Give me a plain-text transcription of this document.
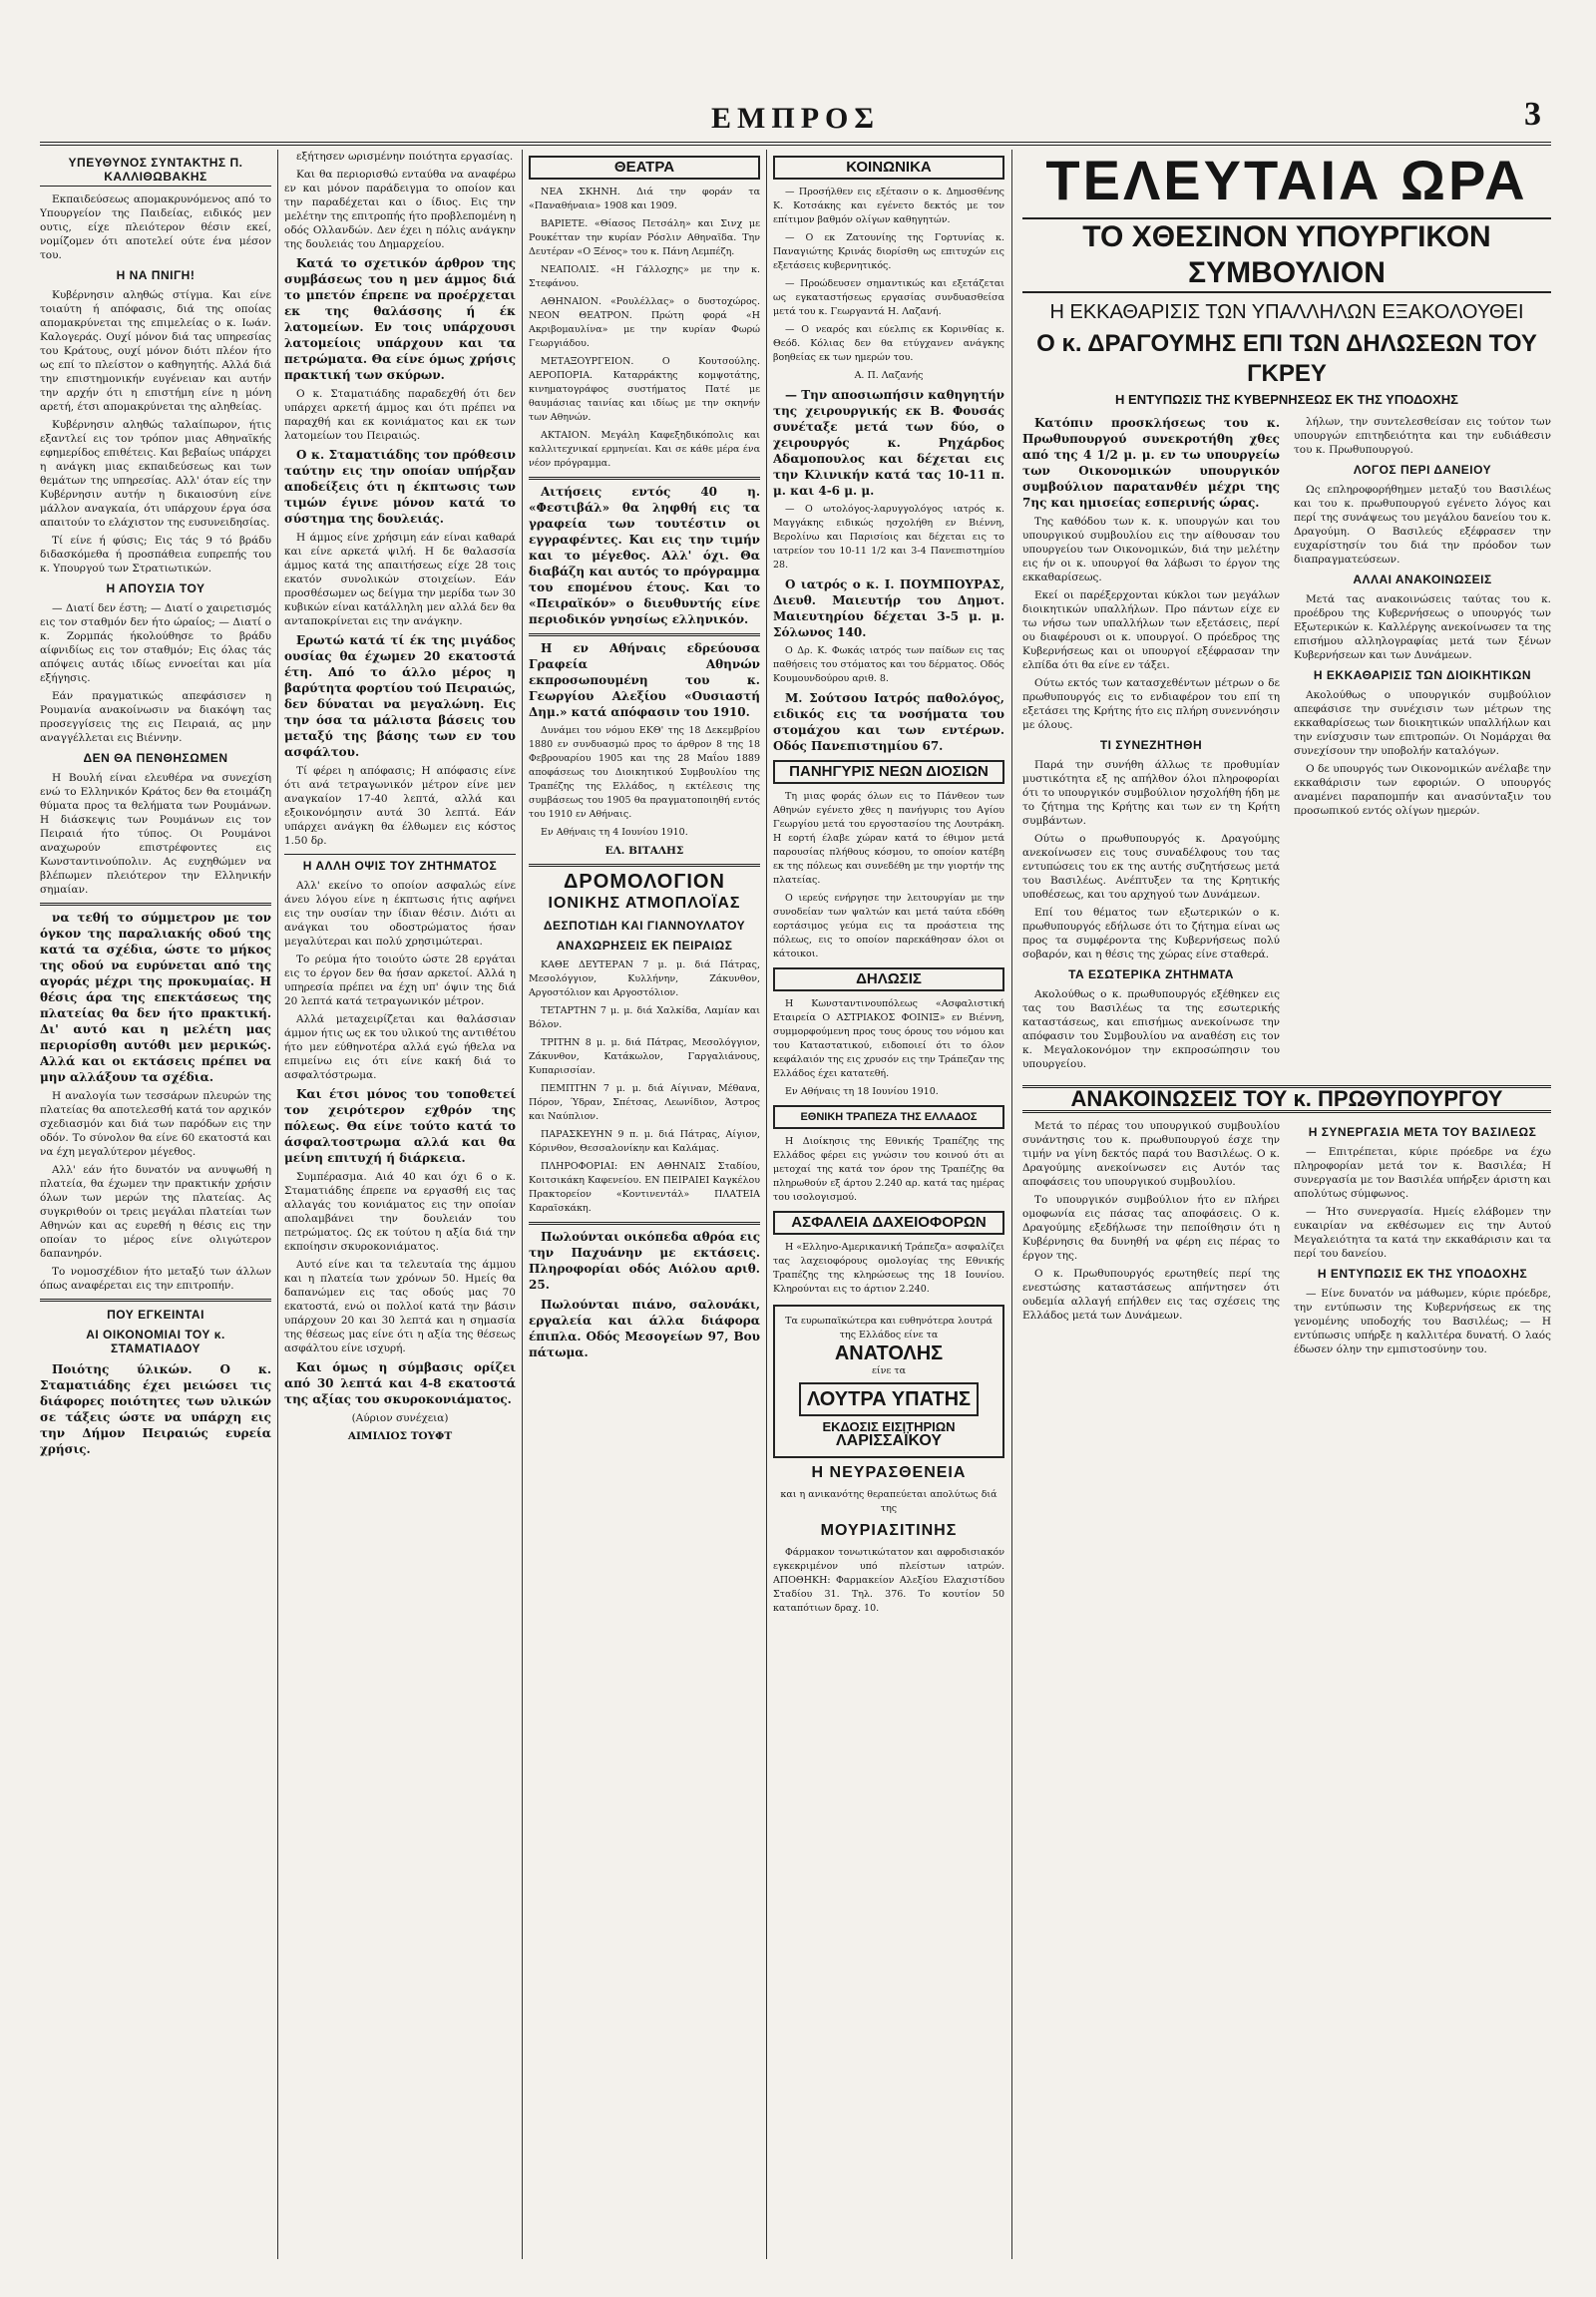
ΕΜΠΡΟΣ	3
ΥΠΕΥΘΥΝΟΣ ΣΥΝΤΑΚΤΗΣ Π. ΚΑΛΛΙΘΩΒΑΚΗΣ

Εκπαιδεύσεως απομακρυνόμενος από το Υπουργείον της Παιδείας, ειδικός μεν ουτις, είχε πλειότερον θέσιν εκεί, νομίζομεν ότι αποτελεί ούτε ένα μέσον του.

Η ΝΑ ΠΝΙΓΗ!

Κυβέρνησιν αληθώς στίγμα. Και είνε τοιαύτη ή απόφασις, διά της οποίας απομακρύνεται της επιμελείας ο κ. Ιωάν. Καλογεράς. Ουχί μόνον διά τας υπηρεσίας του Κράτους, ουχί μόνον διότι πλέον ήτο ως επί το πλείστον ο καθηγητής. Αλλά διά την επιστημονικήν ευγένειαν και αυτήν την αρχήν ότι η επιστήμη είνε η μόνη αρετή, έτσι απομακρύνεται της αληθείας.

Κυβέρνησιν αληθώς ταλαίπωρον, ήτις εξαντλεί εις τον τρόπον μιας Αθηναϊκής εφημερίδος επιθέτεις. Και βεβαίως υπάρχει η ανάγκη μιας εκπαιδεύσεως και των θεμάτων της υπηρεσίας. Αλλ' όταν είς την Κυβέρνησιν αυτήν η δικαιοσύνη είνε μάλλον αναγκαία, ότι υπάρχουν έργα όσα απαιτούν το ελάχιστον της ευσυνειδησίας.

Τί είνε ή φύσις; Εις τάς 9 τό βράδυ διδασκόμεθα ή προσπάθεια ευπρεπής του κ. Υπουργού των Στρατιωτικών.

Η ΑΠΟΥΣΙΑ ΤΟΥ

— Διατί δεν έστη; — Διατί ο χαιρετισμός εις τον σταθμόν δεν ήτο ώραίος; — Διατί ο κ. Ζορμπάς ήκολούθησε το βράδυ αίφνιδίως εις τον σταθμόν; Εις όλας τάς απόψεις αυτάς ιδίως εννοείται και μία εξήγησις.

Εάν πραγματικώς απεφάσισεν η Ρουμανία ανακοίνωσιν να διακόψη τας προσεγγίσεις της εις Πειραιά, ας μην αναγγέλλεται εις Βιέννην.

ΔΕΝ ΘΑ ΠΕΝΘΗΣΩΜΕΝ

Η Βουλή είναι ελευθέρα να συνεχίση ενώ το Ελληνικόν Κράτος δεν θα ετοιμάζη θύματα προς τα θελήματα των Ρουμάνων. Η διάσκεψις των Ρουμάνων εις τον Πειραιά ήτο τύπος. Οι Ρουμάνοι αναχωρούν επιστρέφοντες εις Κωνσταντινούπολιν. Ας ευχηθώμεν να βλέπωμεν πλειότερον την Ελληνικήν σημαίαν.

να τεθή το σύμμετρον με τον όγκον της παραλιακής οδού της κατά τα σχέδια, ώστε το μήκος της οδού να ευρύνεται από της αγοράς μέχρι της προκυμαίας. Η θέσις άρα της επεκτάσεως της πλατείας θα δεν ήτο πρακτική. Δι' αυτό και η μελέτη μας περιορίσθη αυτόθι μεν μερικώς. Αλλά και οι εκτάσεις πρέπει να μην αλλάξουν τα σχέδια.

Η αναλογία των τεσσάρων πλευρών της πλατείας θα αποτελεσθή κατά τον αρχικόν σχεδιασμόν και διά των παρόδων εις την οδόν. Το σύνολον θα είνε 60 εκατοστά και να έχη μεγαλύτερον μέγεθος.

Αλλ' εάν ήτο δυνατόν να ανυψωθή η πλατεία, θα έχωμεν την πρακτικήν χρήσιν όλων των μερών της πλατείας. Ας συγκριθούν οι τρεις μεγάλαι πλατείαι των Αθηνών και ας ευρεθή η θέσις εις την οποίαν το μέρος είνε ολιγώτερον δαπανηρόν.

Το νομοσχέδιον ήτο μεταξύ των άλλων όπως αναφέρεται εις την επιτροπήν.

ΠΟΥ ΕΓΚΕΙΝΤΑΙ
ΑΙ ΟΙΚΟΝΟΜΙΑΙ ΤΟΥ κ. ΣΤΑΜΑΤΙΑΔΟΥ

Ποιότης ύλικών. Ο κ. Σταματιάδης έχει μειώσει τις διάφορες ποιότητες των υλικών σε τάξεις ώστε να υπάρχη εις την Δήμον Πειραιώς ευρεία χρήσις.

εξήτησεν ωρισμένην ποιότητα εργασίας.

Και θα περιορισθώ ενταύθα να αναφέρω εν και μόνον παράδειγμα το οποίον και την παραδέχεται και ο ίδιος. Εις την μελέτην της επιτροπής ήτο προβλεπομένη η οδός Ολλανδών. Δεν έχει η πόλις ανάγκην της δουλειάς του Δημαρχείου.

Κατά το σχετικόν άρθρον της συμβάσεως του η μεν άμμος διά το μπετόν έπρεπε να προέρχεται εκ της θαλάσσης ή έκ λατομείων. Εν τοις υπάρχουσι λατομείοις υπάρχουν και τα πετρώματα. Θα είνε όμως χρήσις πρακτική των σκύρων.

Ο κ. Σταματιάδης παραδεχθή ότι δεν υπάρχει αρκετή άμμος και ότι πρέπει να παραχθή και εκ κονιάματος και εκ των λατομείων του Πειραιώς.

Ο κ. Σταματιάδης τον πρόθεσιν ταύτην εις την οποίαν υπήρξαν αποδείξεις ότι η έκπτωσις των τιμών έγινε μόνον κατά το σύστημα της δουλειάς.

Η άμμος είνε χρήσιμη εάν είναι καθαρά και είνε αρκετά ψιλή. Η δε θαλασσία άμμος κατά της απαιτήσεως είχε 28 τοις εκατόν συνολικών στοιχείων. Εάν προσθέσωμεν ως δείγμα την μερίδα των 30 κυβικών είναι κατάλληλη μεν αλλά δεν θα ανταποκρίνεται εις την ανάγκην.

Ερωτώ κατά τί έκ της μιγάδος ουσίας θα έχωμεν 20 εκατοστά έτη. Από το άλλο μέρος η βαρύτητα φορτίου τού Πειραιώς, δεν δύναται να μεγαλώνη. Εις την όσα τα μάλιστα βάσεις του μεταξύ της βάσης των εν του ασφάλτου.

Τί φέρει η απόφασις; Η απόφασις είνε ότι ανά τετραγωνικόν μέτρον είνε μεν αναγκαίον 17-40 λεπτά, αλλά και εξοικονόμησιν αυτά 30 λεπτά. Εάν υπάρχει ανάγκη θα έλθωμεν εις κόστος 1.50 δρ.

Η ΑΛΛΗ ΟΨΙΣ ΤΟΥ ΖΗΤΗΜΑΤΟΣ

Αλλ' εκείνο το οποίον ασφαλώς είνε άνευ λόγου είνε η έκπτωσις ήτις αφήνει εις την ουσίαν την ίδιαν θέσιν. Διότι αι ανάγκαι του οδοστρώματος ήσαν μεγαλύτεραι και πολύ χρησιμώτεραι.

Το ρεύμα ήτο τοιούτο ώστε 28 εργάται εις το έργον δεν θα ήσαν αρκετοί. Αλλά η υπηρεσία πρέπει να έχη υπ' όψιν της διά 20 λεπτά κατά τετραγωνικόν μέτρον.

Αλλά μεταχειρίζεται και θαλάσσιαν άμμον ήτις ως εκ του υλικού της αντιθέτου ήτο μεν εύθηνοτέρα αλλά εγώ ήθελα να επιμείνω εις ότι είνε κακή διά το ασφαλτόστρωμα.

Και έτσι μόνος του τοποθετεί τον χειρότερον εχθρόν της πόλεως. Θα είνε τούτο κατά το άσφαλτοστρωμα αλλά και θα μείνη επιτυχή ή διάρκεια.

Συμπέρασμα. Αιά 40 και όχι 6 ο κ. Σταματιάδης έπρεπε να εργασθή εις τας αλλαγάς του κονιάματος εις την οποίαν απολαμβάνει την δουλειάν του πετρώματος. Ως εκ τούτου η αξία διά την εκποίησιν σκυροκονιάματος.

Αυτό είνε και τα τελευταία της άμμου και η πλατεία των χρόνων 50. Ημείς θα δαπανώμεν εις τας οδούς μας 70 εκατοστά, ενώ οι πολλοί κατά την βάσιν υπάρχουν 20 και 30 λεπτά και η σημασία της θέσεως μας είνε ότι η αξία της θέσεως ασφάλτου είνε ισχυρή.

Και όμως η σύμβασις ορίζει από 30 λεπτά και 4-8 εκατοστά της αξίας του σκυροκονιάματος.

(Αύριον συνέχεια)

ΑΙΜΙΛΙΟΣ ΤΟΥΦΤ

ΘΕΑΤΡΑ

ΝΕΑ ΣΚΗΝΗ. Διά την φοράν τα «Παναθήναια» 1908 και 1909.

ΒΑΡΙΕΤΕ. «Θίασος Πετσάλη» και Σινχ με Ρουκέτταν την κυρίαν Ρόσλιν Αθηναϊδα. Την Δευτέραν «Ο Ξένος» του κ. Πάνη Λεμπέζη.

ΝΕΑΠΟΛΙΣ. «Η Γάλλοχης» με την κ. Στεφάνου.

ΑΘΗΝΑΙΟΝ. «Ρουλέλλας» ο δυστοχώρος. ΝΕΟΝ ΘΕΑΤΡΟΝ. Πρώτη φορά «Η Ακριβομαυλίνα» με την κυρίαν Φωρώ Γεωργιάδου.

ΜΕΤΑΞΟΥΡΓΕΙΟΝ. Ο Κουτσούλης. ΑΕΡΟΠΟΡΙΑ. Καταρράκτης κομψοτάτης, κινηματογράφος συστήματος Πατέ με θαυμάσιας ταινίας και ιδίως με την σκηνήν των Αθηνών.

ΑΚΤΑΙΟΝ. Μεγάλη Καφεξηδικόπολις και καλλιτεχνικαί ερμηνείαι. Και σε κάθε μέρα ένα νέον πρόγραμμα.

Αιτήσεις εντός 40 η. «Φεστιβάλ» θα ληφθή εις τα γραφεία των τουτέστιν οι εγγραφέντες. Και εις την τιμήν και το μέγεθος. Αλλ' όχι. Θα διαβάζη και αυτός το πρόγραμμα του επομένου έτους. Και το «Πειραϊκόν» ο διευθυντής είνε περιοδικόν γνησίως ελληνικόν.

Η εν Αθήναις εδρεύουσα Γραφεία Αθηνών εκπροσωπουμένη του κ. Γεωργίου Αλεξίου «Ουσιαστή Δημ.» κατά απόφασιν του 1910.

Δυνάμει του νόμου ΕΚΘ' της 18 Δεκεμβρίου 1880 εν συνδυασμώ προς το άρθρον 8 της 18 Φεβρουαρίου 1905 και της 28 Μαΐου 1889 αποφάσεως του Διοικητικού Συμβουλίου της Τραπέζης της Ελλάδος, η εκτέλεσις της συμβάσεως του 1905 θα πραγματοποιηθή εντός του 1910 εν Αθήναις.

Εν Αθήναις τη 4 Ιουνίου 1910.

ΕΛ. ΒΙΤΑΛΗΣ

ΔΡΟΜΟΛΟΓΙΟΝ
ΙΟΝΙΚΗΣ ΑΤΜΟΠΛΟΪΑΣ
ΔΕΣΠΟΤΙΔΗ ΚΑΙ ΓΙΑΝΝΟΥΛΑΤΟΥ
ΑΝΑΧΩΡΗΣΕΙΣ ΕΚ ΠΕΙΡΑΙΩΣ

ΚΑΘΕ ΔΕΥΤΕΡΑΝ 7 μ. μ. διά Πάτρας, Μεσολόγγιον, Κυλλήνην, Ζάκυνθον, Αργοστόλιον και Αργοστόλιον.

ΤΕΤΑΡΤΗΝ 7 μ. μ. διά Χαλκίδα, Λαμίαν και Βόλον.

ΤΡΙΤΗΝ 8 μ. μ. διά Πάτρας, Μεσολόγγιον, Ζάκυνθον, Κατάκωλον, Γαργαλιάνους, Κυπαρισσίαν.

ΠΕΜΠΤΗΝ 7 μ. μ. διά Αίγιναν, Μέθανα, Πόρον, Ύδραν, Σπέτσας, Λεωνίδιον, Άστρος και Ναύπλιον.

ΠΑΡΑΣΚΕΥΗΝ 9 π. μ. διά Πάτρας, Αίγιον, Κόρινθον, Θεσσαλονίκην και Καλάμας.

ΠΛΗΡΟΦΟΡΙΑΙ: ΕΝ ΑΘΗΝΑΙΣ Σταδίου, Κοιτσικάκη Καφενείου. ΕΝ ΠΕΙΡΑΙΕΙ Καγκέλου Πρακτορείον «Κοντινεντάλ» ΠΛΑΤΕΙΑ Καραϊσκάκη.

Πωλούνται οικόπεδα αθρόα εις την Παχυάνην με εκτάσεις. Πληροφορίαι οδός Αιόλου αριθ. 25.

Πωλούνται πιάνο, σαλονάκι, εργαλεία και άλλα διάφορα έπιπλα. Οδός Μεσογείων 97, Βου πάτωμα.

ΚΟΙΝΩΝΙΚΑ

— Προσήλθεν εις εξέτασιν ο κ. Δημοσθένης Κ. Κοτσάκης και εγένετο δεκτός με τον επίτιμον βαθμόν ολίγων καθηγητών.

— Ο εκ Ζατουνίης της Γορτυνίας κ. Παναγιώτης Κρινάς διορίσθη ως επιτυχών εις εξετάσεις κυβερνητικός.

— Προώδευσεν σημαντικώς και εξετάζεται ως εγκαταστήσεως εργασίας συνδυασθείσα μετά του κ. Γεωργαντά Η. Λαζανή.

— Ο νεαρός και εύελπις εκ Κορινθίας κ. Θεόδ. Κόλιας δεν θα ετύγχανεν ανάγκης βοηθείας εκ των ημερών του.

Α. Π. Λαζανής

— Την αποσιωπήσιν καθηγητήν της χειρουργικής εκ Β. Φουσάς συνέταξε μετά των δύο, ο χειρουργός κ. Ρηχάρδος Αδαμοπουλος και δέχεται εις την Κλινικήν κατά τας 10-11 π. μ. και 4-6 μ. μ.

— Ο ωτολόγος-λαρυγγολόγος ιατρός κ. Μαγγάκης ειδικώς ησχολήθη εν Βιέννη, Βερολίνω και Παρισίοις και δέχεται εις το ιατρείον του 10-11 1/2 και 3-4 Πανεπιστημίου 28.

Ο ιατρός ο κ. Ι. ΠΟΥΜΠΟΥΡΑΣ, Διευθ. Μαιευτήρ του Δημοτ. Μαιευτηρίου δέχεται 3-5 μ. μ. Σόλωνος 140.

Ο Δρ. Κ. Φωκάς ιατρός των παίδων εις τας παθήσεις του στόματος και του δέρματος. Οδός Κουμουνδούρου αριθ. 8.

Μ. Σούτσου Ιατρός παθολόγος, ειδικός εις τα νοσήματα του στομάχου και των εντέρων. Οδός Πανεπιστημίου 67.

ΠΑΝΗΓΥΡΙΣ ΝΕΩΝ ΔΙΟΣΙΩΝ

Τη μιας φοράς όλων εις το Πάνθεον των Αθηνών εγένετο χθες η πανήγυρις του Αγίου Γεωργίου μετά του εργοστασίου της Λουτράκη. Η εορτή έλαβε χώραν κατά το έθιμον μετά παρουσίας πλήθους κόσμου, το οποίον κατέβη εκ της πόλεως και συνεδέθη με την γιορτήν της πλατείας.

Ο ιερεύς ενήργησε την λειτουργίαν με την συνοδείαν των ψαλτών και μετά ταύτα εδόθη εορτάσιμος γεύμα εις τα προάστεια της πόλεως, εις το οποίον παρεκάθησαν όλοι οι κάτοικοι.

ΔΗΛΩΣΙΣ

Η Κωνσταντινουπόλεως «Ασφαλιστική Εταιρεία Ο ΑΣΤΡΙΑΚΟΣ ΦΟΙΝΙΞ» εν Βιέννη, συμμορφούμενη προς τους όρους του νόμου και του Καταστατικού, ειδοποιεί ότι το όλον κεφάλαιόν της εις χρυσόν εις την Τράπεζαν της Ελλάδος έχει κατατεθή.

Εν Αθήναις τη 18 Ιουνίου 1910.

ΕΘΝΙΚΗ ΤΡΑΠΕΖΑ ΤΗΣ ΕΛΛΑΔΟΣ

Η Διοίκησις της Εθνικής Τραπέζης της Ελλάδος φέρει εις γνώσιν του κοινού ότι αι μετοχαί της κατά τον όρον της Τραπέζης θα πληρωθούν εξ άρτου 2.240 αρ. κατά τας ημέρας του ισολογισμού.

ΑΣΦΑΛΕΙΑ ΔΑΧΕΙΟΦΟΡΩΝ

Η «Ελληνο-Αμερικανική Τράπεζα» ασφαλίζει τας λαχειοφόρους ομολογίας της Εθνικής Τραπέζης της κληρώσεως της 18 Ιουνίου. Κληρούνται εις το άρτιον 2.240.

Τα ευρωπαϊκώτερα και ευθηνότερα λουτρά της Ελλάδος είνε τα
ΑΝΑΤΟΛΗΣ
είνε τα
ΛΟΥΤΡΑ ΥΠΑΤΗΣ
ΕΚΔΟΣΙΣ ΕΙΣΙΤΗΡΙΩΝ
ΛΑΡΙΣΣΑΪΚΟΥ
Η ΝΕΥΡΑΣΘΕΝΕΙΑ

και η ανικανότης θεραπεύεται απολύτως διά της

ΜΟΥΡΙΑΣΙΤΙΝΗΣ

Φάρμακον τονωτικώτατον και αφροδισιακόν εγκεκριμένον υπό πλείστων ιατρών. ΑΠΟΘΗΚΗ: Φαρμακείον Αλεξίου Ελαχιστίδου Σταδίου 31. Τηλ. 376. Το κουτίον 50 καταπότιων δραχ. 10.

ΤΕΛΕΥΤΑΙΑ ΩΡΑ
ΤΟ ΧΘΕΣΙΝΟΝ ΥΠΟΥΡΓΙΚΟΝ ΣΥΜΒΟΥΛΙΟΝ
Η ΕΚΚΑΘΑΡΙΣΙΣ ΤΩΝ ΥΠΑΛΛΗΛΩΝ ΕΞΑΚΟΛΟΥΘΕΙ
Ο κ. ΔΡΑΓΟΥΜΗΣ ΕΠΙ ΤΩΝ ΔΗΛΩΣΕΩΝ ΤΟΥ ΓΚΡΕΥ
Η ΕΝΤΥΠΩΣΙΣ ΤΗΣ ΚΥΒΕΡΝΗΣΕΩΣ ΕΚ ΤΗΣ ΥΠΟΔΟΧΗΣ

Κατόπιν προσκλήσεως του κ. Πρωθυπουργού συνεκροτήθη χθες από της 4 1/2 μ. μ. εν τω υπουργείω των Οικονομικών υπουργικόν συμβούλιον παρατανθέν μέχρι της 7ης και ημισείας εσπερινής ώρας.

Της καθόδου των κ. κ. υπουργών και του υπουργικού συμβουλίου εις την αίθουσαν του υπουργείου των Οικονομικών, διά την μελέτην εις ήν οι κ. υπουργοί θα λάβωσι το έργον της εκκαθαρίσεως.

Εκεί οι παρέξερχονται κύκλοι των μεγάλων διοικητικών υπαλλήλων. Προ πάντων είχε εν τω νήσω των υπαλλήλων των εξετάσεις, περί ου διαφέρουσι οι κ. υπουργοί. Ο πρόεδρος της Κυβερνήσεως και οι υπουργοί εξέφρασαν την ελπίδα ότι θα είνε εν τάξει.

Ούτω εκτός των κατασχεθέντων μέτρων ο δε πρωθυπουργός εις το ενδιαφέρον του επί τη εξετάσει της Κρήτης ήτο εις πλήρη συνεννόησιν με όλους.

ΤΙ ΣΥΝΕΖΗΤΗΘΗ

Παρά την συνήθη άλλως τε προθυμίαν μυστικότητα εξ ης απήλθον όλοι πληροφορίαι ότι το υπουργικόν συμβούλιον ησχολήθη ήδη με το ζήτημα της Κρήτης και των εν τη Κρήτη συμβάντων.

Ούτω ο πρωθυπουργός κ. Δραγούμης ανεκοίνωσεν εις τους συναδέλφους του τας εντυπώσεις του εκ της αυτής συζητήσεως μετά του Βασιλέως. Ανέπτυξεν τα της Κρητικής υποθέσεως, και του αρχηγού των Δυνάμεων.

Επί του θέματος των εξωτερικών ο κ. πρωθυπουργός εδήλωσε ότι το ζήτημα είναι ως προς τα συμφέροντα της Κυβερνήσεως πολύ σοβαρόν, και η θέσις της χώρας είνε σταθερά.

ΤΑ ΕΣΩΤΕΡΙΚΑ ΖΗΤΗΜΑΤΑ

Ακολούθως ο κ. πρωθυπουργός εξέθηκεν εις τας του Βασιλέως τα της εσωτερικής καταστάσεως, και επισήμως ανεκοίνωσε την απόφασιν του Συμβουλίου να αναθέση εις τον κ. Μεγαλοκονόμον την εκπροσώπησιν του υπουργείου.

λήλων, την συντελεσθείσαν εις τούτον των υπουργών επιτηδειότητα και την ευδιάθεσιν του κ. Πρωθυπουργού.

ΛΟΓΟΣ ΠΕΡΙ ΔΑΝΕΙΟΥ

Ως επληροφορήθημεν μεταξύ του Βασιλέως και του κ. πρωθυπουργού εγένετο λόγος και περί της συνάψεως του μεγάλου δανείου του κ. Δραγούμη. Ο Βασιλεύς εξέφρασεν την ευχαρίστησίν του διά την πρόοδον των διαπραγματεύσεων.

ΑΛΛΑΙ ΑΝΑΚΟΙΝΩΣΕΙΣ

Μετά τας ανακοινώσεις ταύτας του κ. προέδρου της Κυβερνήσεως ο υπουργός των Εξωτερικών κ. Καλλέργης ανεκοίνωσεν τα της επισήμου αλληλογραφίας μετά των ξένων Κυβερνήσεων και των Δυνάμεων.

Η ΕΚΚΑΘΑΡΙΣΙΣ ΤΩΝ ΔΙΟΙΚΗΤΙΚΩΝ

Ακολούθως ο υπουργικόν συμβούλιον απεφάσισε την συνέχισιν των μέτρων της εκκαθαρίσεως των διοικητικών υπαλλήλων και την ενίσχυσιν των επιτροπών. Οι Νομάρχαι θα συνεχίσουν την υποβολήν καταλόγων.

Ο δε υπουργός των Οικονομικών ανέλαβε την εκκαθάρισιν των εφοριών. Ο υπουργός αναμένει παραπομπήν και ανασύνταξιν του προσωπικού εντός ολίγων ημερών.

ΑΝΑΚΟΙΝΩΣΕΙΣ ΤΟΥ κ. ΠΡΩΘΥΠΟΥΡΓΟΥ

Μετά το πέρας του υπουργικού συμβουλίου συνάντησις του κ. πρωθυπουργού έσχε την τιμήν να γίνη δεκτός παρά του Βασιλέως. Ο κ. Δραγούμης ανεκοίνωσεν εις Αυτόν τας αποφάσεις του υπουργικού συμβουλίου.

Το υπουργικόν συμβούλιον ήτο εν πλήρει ομοφωνία εις πάσας τας αποφάσεις. Ο κ. Δραγούμης εξεδήλωσε την πεποίθησιν ότι η Κυβέρνησις θα δυνηθή να φέρη εις πέρας το έργον της.

Ο κ. Πρωθυπουργός ερωτηθείς περί της ενεστώσης καταστάσεως απήντησεν ότι ουδεμία αλλαγή επήλθεν εις τας σχέσεις της Ελλάδος μετά των Δυνάμεων.

Η ΣΥΝΕΡΓΑΣΙΑ ΜΕΤΑ ΤΟΥ ΒΑΣΙΛΕΩΣ

— Επιτρέπεται, κύριε πρόεδρε να έχω πληροφορίαν μετά τον κ. Βασιλέα; Η συνεργασία με τον Βασιλέα υπήρξεν άριστη και απολύτως σύμφωνος.

— Ήτο συνεργασία. Ημείς ελάβομεν την ευκαιρίαν να εκθέσωμεν εις την Αυτού Μεγαλειότητα τα κατά την εκκαθάρισιν και τα περί του δανείου.

Η ΕΝΤΥΠΩΣΙΣ ΕΚ ΤΗΣ ΥΠΟΔΟΧΗΣ

— Είνε δυνατόν να μάθωμεν, κύριε πρόεδρε, την εντύπωσιν της Κυβερνήσεως εκ της γενομένης υποδοχής του Βασιλέως; — Η εντύπωσις υπήρξε η καλλιτέρα δυνατή. Ο λαός έδωσεν όλην την εμπιστοσύνην του.
